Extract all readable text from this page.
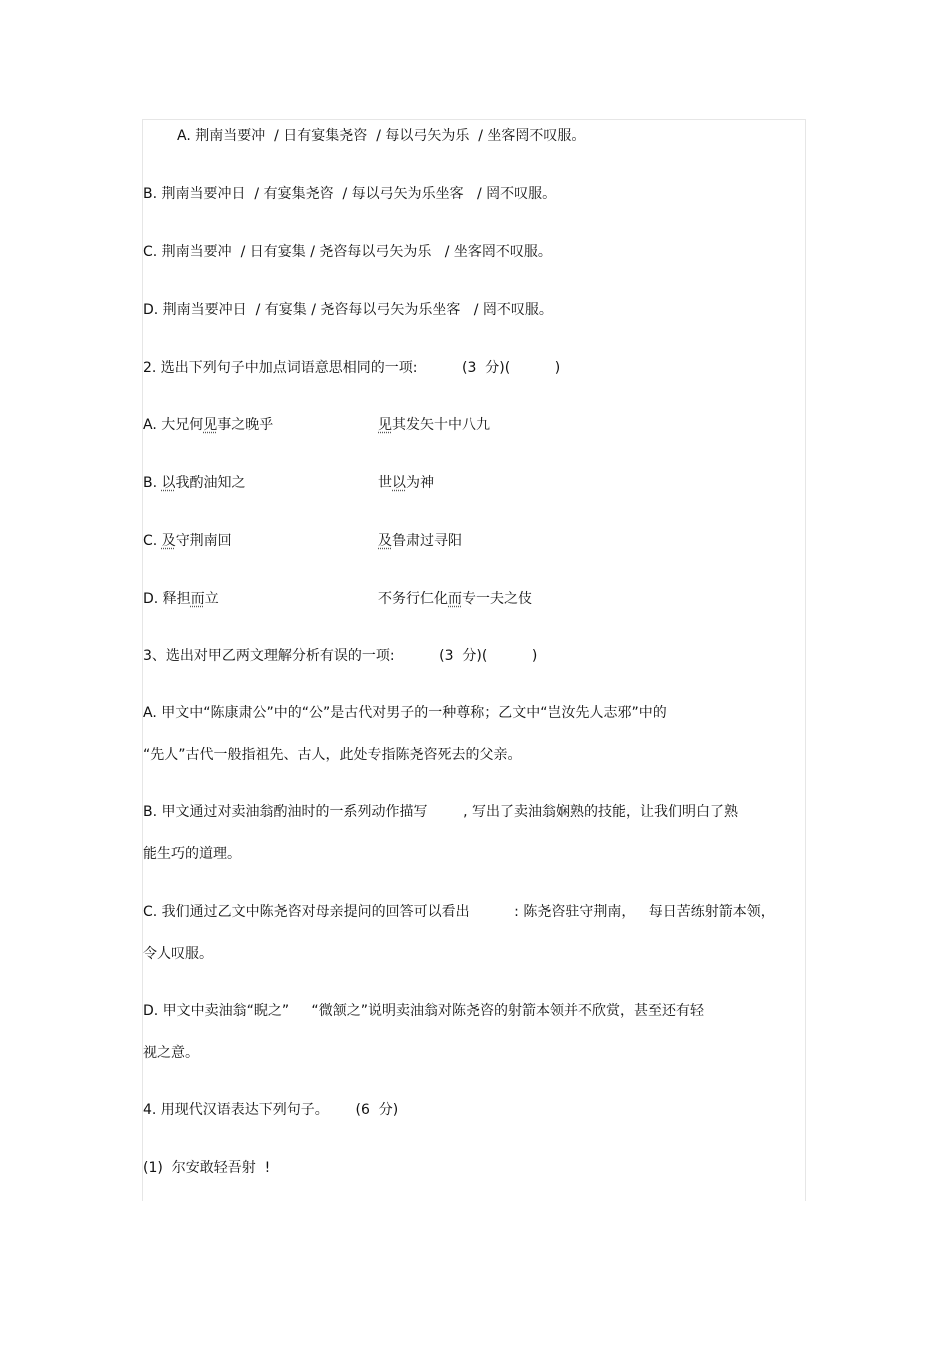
A. 荆南当要冲  / 日有宴集尧咨  / 每以弓矢为乐  / 坐客罔不叹服。
B. 荆南当要冲日  / 有宴集尧咨  / 每以弓矢为乐坐客   / 罔不叹服。
C. 荆南当要冲  / 日有宴集 / 尧咨每以弓矢为乐   / 坐客罔不叹服。
D. 荆南当要冲日  / 有宴集 / 尧咨每以弓矢为乐坐客   / 罔不叹服。
2. 选出下列句子中加点词语意思相同的一项:          (3  分)(          )
A. 大兄何见事之晚乎	见其发矢十中八九
B. 以我酌油知之	世以为神
C. 及守荆南回	及鲁肃过寻阳
D. 释担而立	不务行仁化而专一夫之伎
3、选出对甲乙两文理解分析有误的一项:          (3  分)(          )
A. 甲文中“陈康肃公”中的“公”是古代对男子的一种尊称；乙文中“岂汝先人志邪”中的
“先人”古代一般指祖先、古人，此处专指陈尧咨死去的父亲。
B. 甲文通过对卖油翁酌油时的一系列动作描写        , 写出了卖油翁娴熟的技能，让我们明白了熟
能生巧的道理。
C. 我们通过乙文中陈尧咨对母亲提问的回答可以看出          : 陈尧咨驻守荆南，   每日苦练射箭本领，
令人叹服。
D. 甲文中卖油翁“睨之”     “微颔之”说明卖油翁对陈尧咨的射箭本领并不欣赏，甚至还有轻
视之意。
4. 用现代汉语表达下列句子。      (6  分)
(1)  尔安敢轻吾射  !
